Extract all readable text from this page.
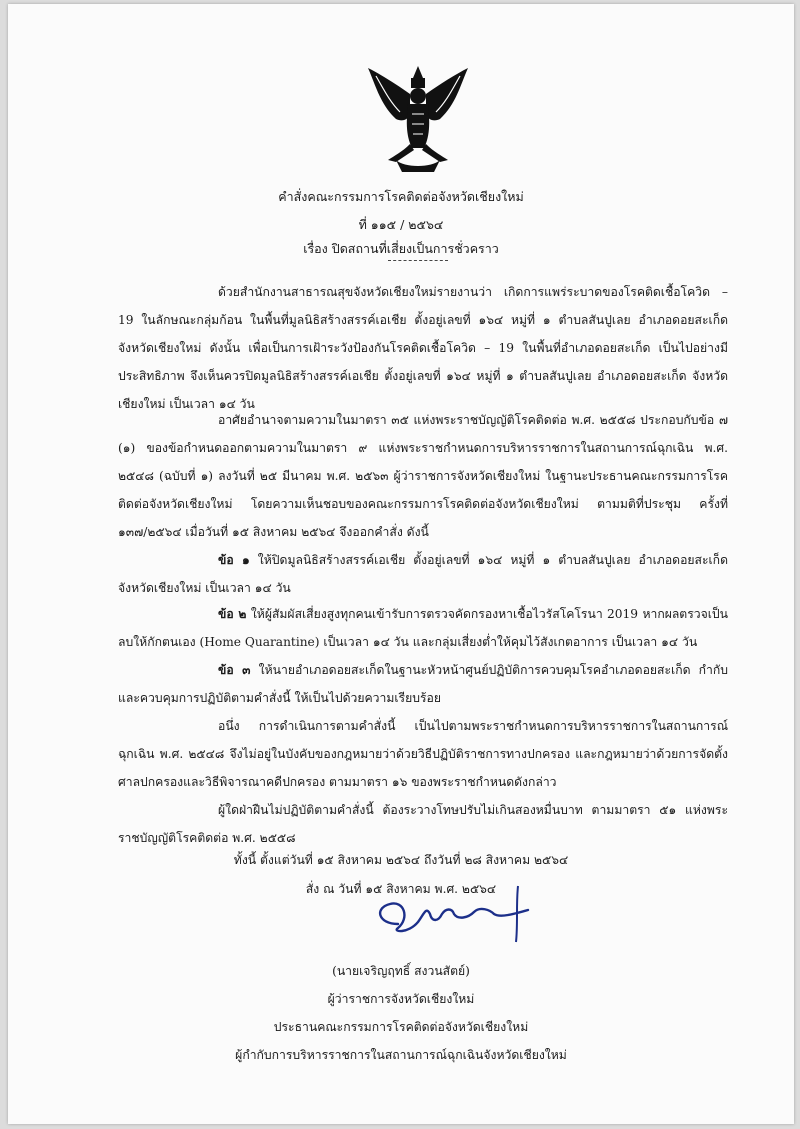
คำสั่งคณะกรรมการโรคติดต่อจังหวัดเชียงใหม่
ที่ ๑๑๕ / ๒๕๖๔
เรื่อง ปิดสถานที่เสี่ยงเป็นการชั่วคราว

ด้วยสำนักงานสาธารณสุขจังหวัดเชียงใหม่รายงานว่า เกิดการแพร่ระบาดของโรคติดเชื้อโควิด – 19 ในลักษณะกลุ่มก้อน ในพื้นที่มูลนิธิสร้างสรรค์เอเชีย ตั้งอยู่เลขที่ ๑๖๔ หมู่ที่ ๑ ตำบลสันปูเลย อำเภอดอยสะเก็ด จังหวัดเชียงใหม่ ดังนั้น เพื่อเป็นการเฝ้าระวังป้องกันโรคติดเชื้อโควิด – 19 ในพื้นที่อำเภอดอยสะเก็ด เป็นไปอย่างมีประสิทธิภาพ จึงเห็นควรปิดมูลนิธิสร้างสรรค์เอเชีย ตั้งอยู่เลขที่ ๑๖๔ หมู่ที่ ๑ ตำบลสันปูเลย อำเภอดอยสะเก็ด จังหวัดเชียงใหม่ เป็นเวลา ๑๔ วัน

อาศัยอำนาจตามความในมาตรา ๓๕ แห่งพระราชบัญญัติโรคติดต่อ พ.ศ. ๒๕๕๘ ประกอบกับข้อ ๗ (๑) ของข้อกำหนดออกตามความในมาตรา ๙ แห่งพระราชกำหนดการบริหารราชการในสถานการณ์ฉุกเฉิน พ.ศ. ๒๕๔๘ (ฉบับที่ ๑) ลงวันที่ ๒๕ มีนาคม พ.ศ. ๒๕๖๓ ผู้ว่าราชการจังหวัดเชียงใหม่ ในฐานะประธานคณะกรรมการโรคติดต่อจังหวัดเชียงใหม่ โดยความเห็นชอบของคณะกรรมการโรคติดต่อจังหวัดเชียงใหม่ ตามมติที่ประชุม ครั้งที่ ๑๓๗/๒๕๖๔ เมื่อวันที่ ๑๕ สิงหาคม ๒๕๖๔ จึงออกคำสั่ง ดังนี้

ข้อ ๑ ให้ปิดมูลนิธิสร้างสรรค์เอเชีย ตั้งอยู่เลขที่ ๑๖๔ หมู่ที่ ๑ ตำบลสันปูเลย อำเภอดอยสะเก็ด จังหวัดเชียงใหม่ เป็นเวลา ๑๔ วัน

ข้อ ๒ ให้ผู้สัมผัสเสี่ยงสูงทุกคนเข้ารับการตรวจคัดกรองหาเชื้อไวรัสโคโรนา 2019 หากผลตรวจเป็นลบให้กักตนเอง (Home Quarantine) เป็นเวลา ๑๔ วัน และกลุ่มเสี่ยงต่ำให้คุมไว้สังเกตอาการ เป็นเวลา ๑๔ วัน

ข้อ ๓ ให้นายอำเภอดอยสะเก็ดในฐานะหัวหน้าศูนย์ปฏิบัติการควบคุมโรคอำเภอดอยสะเก็ด กำกับและควบคุมการปฏิบัติตามคำสั่งนี้ ให้เป็นไปด้วยความเรียบร้อย

อนึ่ง การดำเนินการตามคำสั่งนี้ เป็นไปตามพระราชกำหนดการบริหารราชการในสถานการณ์ฉุกเฉิน พ.ศ. ๒๕๔๘ จึงไม่อยู่ในบังคับของกฎหมายว่าด้วยวิธีปฏิบัติราชการทางปกครอง และกฎหมายว่าด้วยการจัดตั้งศาลปกครองและวิธีพิจารณาคดีปกครอง ตามมาตรา ๑๖ ของพระราชกำหนดดังกล่าว

ผู้ใดฝ่าฝืนไม่ปฏิบัติตามคำสั่งนี้ ต้องระวางโทษปรับไม่เกินสองหมื่นบาท ตามมาตรา ๕๑ แห่งพระราชบัญญัติโรคติดต่อ พ.ศ. ๒๕๕๘

ทั้งนี้ ตั้งแต่วันที่ ๑๕ สิงหาคม ๒๕๖๔ ถึงวันที่ ๒๘ สิงหาคม ๒๕๖๔
สั่ง ณ วันที่ ๑๕ สิงหาคม พ.ศ. ๒๕๖๔
(นายเจริญฤทธิ์ สงวนสัตย์)
ผู้ว่าราชการจังหวัดเชียงใหม่
ประธานคณะกรรมการโรคติดต่อจังหวัดเชียงใหม่
ผู้กำกับการบริหารราชการในสถานการณ์ฉุกเฉินจังหวัดเชียงใหม่
